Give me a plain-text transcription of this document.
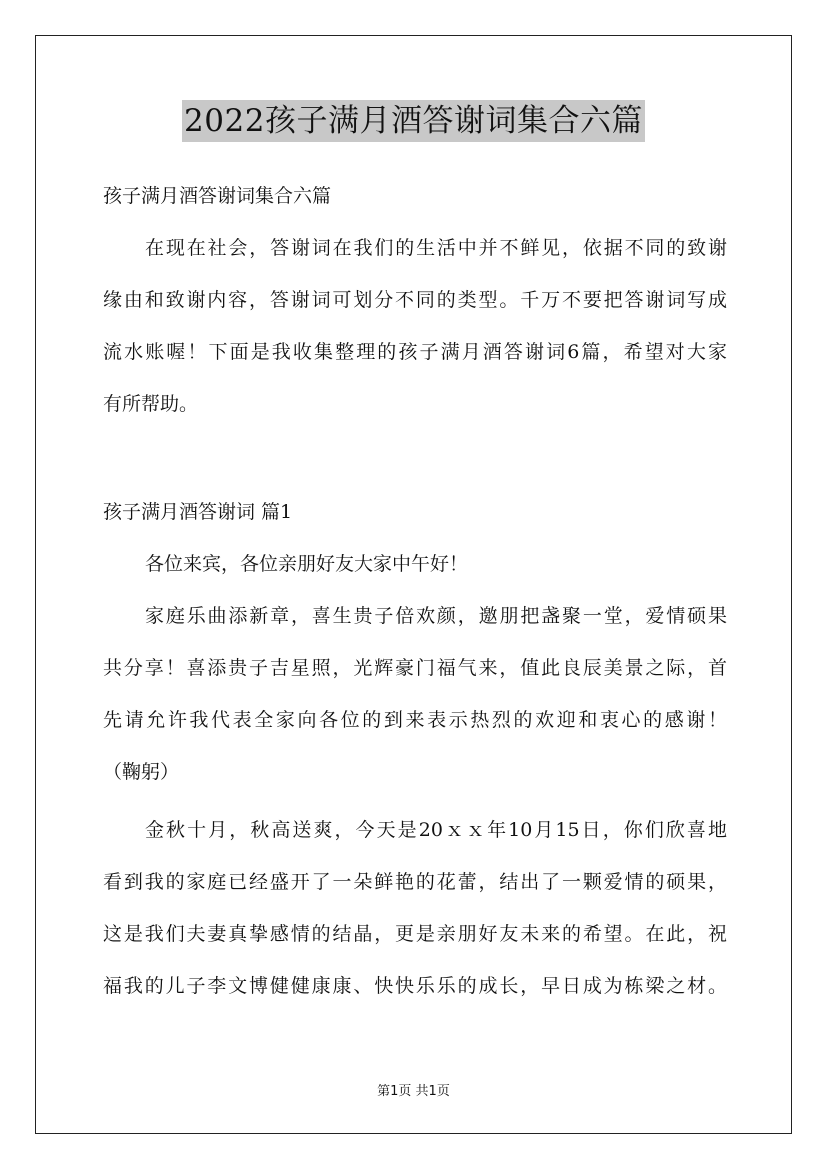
2022孩子满月酒答谢词集合六篇
孩子满月酒答谢词集合六篇
在现在社会，答谢词在我们的生活中并不鲜见，依据不同的致谢
缘由和致谢内容，答谢词可划分不同的类型。千万不要把答谢词写成
流水账喔！下面是我收集整理的孩子满月酒答谢词6篇，希望对大家
有所帮助。
孩子满月酒答谢词 篇1
各位来宾，各位亲朋好友大家中午好！
家庭乐曲添新章，喜生贵子倍欢颜，邀朋把盏聚一堂，爱情硕果
共分享！喜添贵子吉星照，光辉豪门福气来，值此良辰美景之际，首
先请允许我代表全家向各位的到来表示热烈的欢迎和衷心的感谢！
（鞠躬）
金秋十月，秋高送爽，今天是20ｘｘ年10月15日，你们欣喜地
看到我的家庭已经盛开了一朵鲜艳的花蕾，结出了一颗爱情的硕果，
这是我们夫妻真挚感情的结晶，更是亲朋好友未来的希望。在此，祝
福我的儿子李文博健健康康、快快乐乐的成长，早日成为栋梁之材。
第1页 共1页
